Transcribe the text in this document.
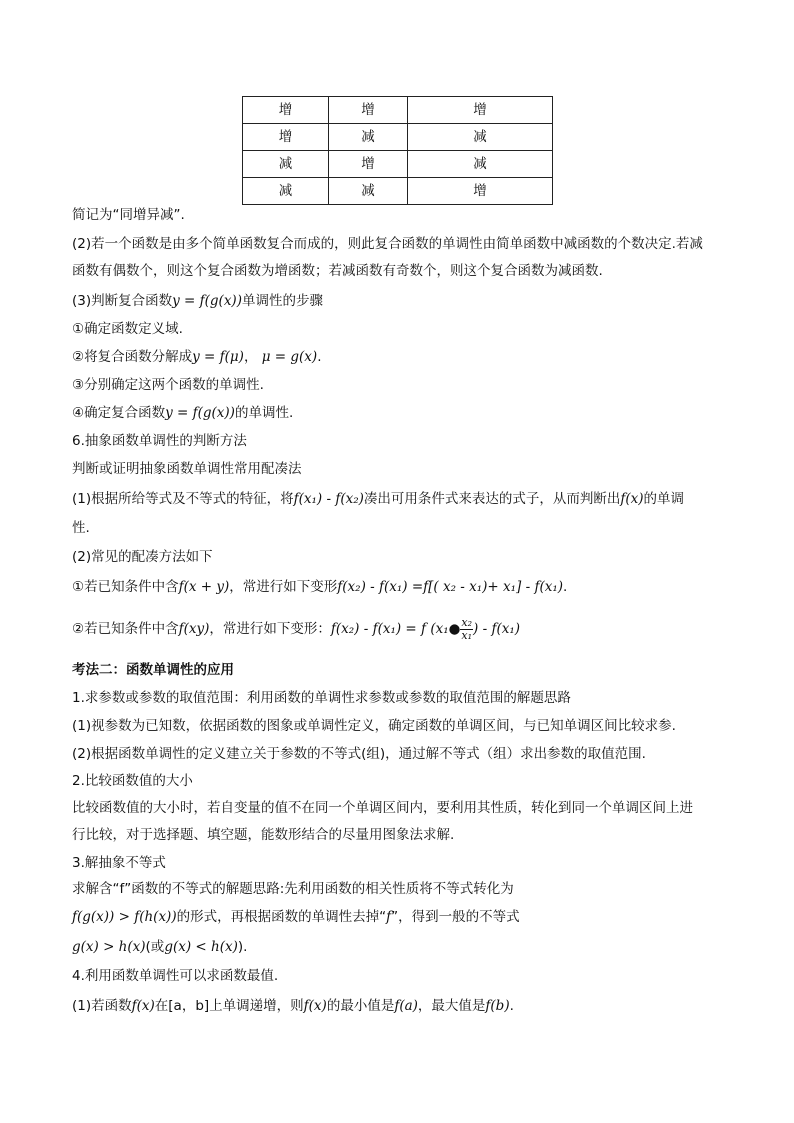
增	增	增
增	减	减
减	增	减
减	减	增
简记为“同增异减”.
(2)若一个函数是由多个简单函数复合而成的，则此复合函数的单调性由简单函数中减函数的个数决定.若减
函数有偶数个，则这个复合函数为增函数；若减函数有奇数个，则这个复合函数为减函数.
(3)判断复合函数y = f(g(x))单调性的步骤
①确定函数定义域.
②将复合函数分解成y = f(μ)， μ = g(x).
③分别确定这两个函数的单调性.
④确定复合函数y = f(g(x))的单调性.
6.抽象函数单调性的判断方法
判断或证明抽象函数单调性常用配凑法
(1)根据所给等式及不等式的特征，将f(x₁) - f(x₂)凑出可用条件式来表达的式子，从而判断出f(x)的单调
性.
(2)常见的配凑方法如下
①若已知条件中含f(x + y)，常进行如下变形f(x₂) - f(x₁) =f[( x₂ - x₁)+ x₁] - f(x₁).
②若已知条件中含f(xy)，常进行如下变形：f(x₂) - f(x₁) = f (x₁● $\frac{\text{x₂}}{\text{x₁}}$ ) - f(x₁)
考法二：函数单调性的应用
1.求参数或参数的取值范围：利用函数的单调性求参数或参数的取值范围的解题思路
(1)视参数为已知数，依据函数的图象或单调性定义，确定函数的单调区间，与已知单调区间比较求参.
(2)根据函数单调性的定义建立关于参数的不等式(组)，通过解不等式（组）求出参数的取值范围.
2.比较函数值的大小
比较函数值的大小时，若自变量的值不在同一个单调区间内，要利用其性质，转化到同一个单调区间上进
行比较，对于选择题、填空题，能数形结合的尽量用图象法求解.
3.解抽象不等式
求解含“f”函数的不等式的解题思路:先利用函数的相关性质将不等式转化为
f(g(x)) > f(h(x))的形式，再根据函数的单调性去掉“f”，得到一般的不等式
g(x) > h(x)(或g(x) < h(x)).
4.利用函数单调性可以求函数最值.
(1)若函数f(x)在[a，b]上单调递增，则f(x)的最小值是f(a)，最大值是f(b).
